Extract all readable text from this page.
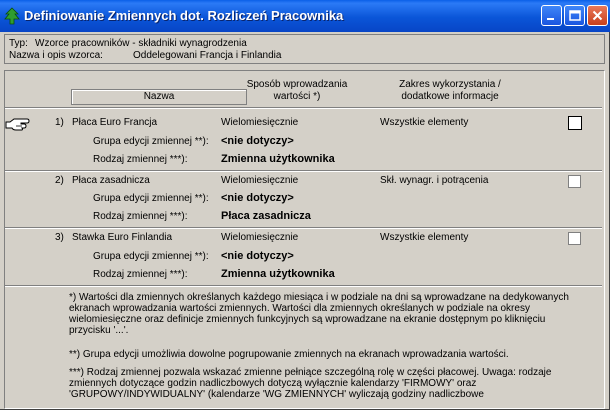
Definiowanie Zmiennych dot. Rozliczeń Pracownika
Typ: Wzorce pracowników - składniki wynagrodzenia
Nazwa i opis wzorca:	Oddelegowani Francja i Finlandia
Nazwa
Sposób wprowadzania
wartości *)
Zakres wykorzystania /
dodatkowe informacje
1) Płaca Euro Francja	Wielomiesięcznie	Wszystkie elementy
Grupa edycji zmiennej **): <nie dotyczy>
Rodzaj zmiennej ***):	Zmienna użytkownika
2) Płaca zasadnicza	Wielomiesięcznie	Skł. wynagr. i potrącenia
Grupa edycji zmiennej **): <nie dotyczy>
Rodzaj zmiennej ***):	Płaca zasadnicza
3) Stawka Euro Finlandia	Wielomiesięcznie	Wszystkie elementy
Grupa edycji zmiennej **): <nie dotyczy>
Rodzaj zmiennej ***):	Zmienna użytkownika
*) Wartości dla zmiennych określanych każdego miesiąca i w podziale na dni są wprowadzane na dedykowanych ekranach wprowadzania wartości zmiennych. Wartości dla zmiennych określanych w podziale na okresy wielomiesięczne oraz definicje zmiennych funkcyjnych są wprowadzane na ekranie dostępnym po kliknięciu przycisku '...'.
**) Grupa edycji umożliwia dowolne pogrupowanie zmiennych na ekranach wprowadzania wartości.
***) Rodzaj zmiennej pozwala wskazać zmienne pełniące szczególną rolę w części płacowej. Uwaga: rodzaje zmiennych dotyczące godzin nadliczbowych dotyczą wyłącznie kalendarzy 'FIRMOWY' oraz 'GRUPOWY/INDYWIDUALNY' (kalendarze 'WG ZMIENNYCH' wyliczają godziny nadliczbowe
